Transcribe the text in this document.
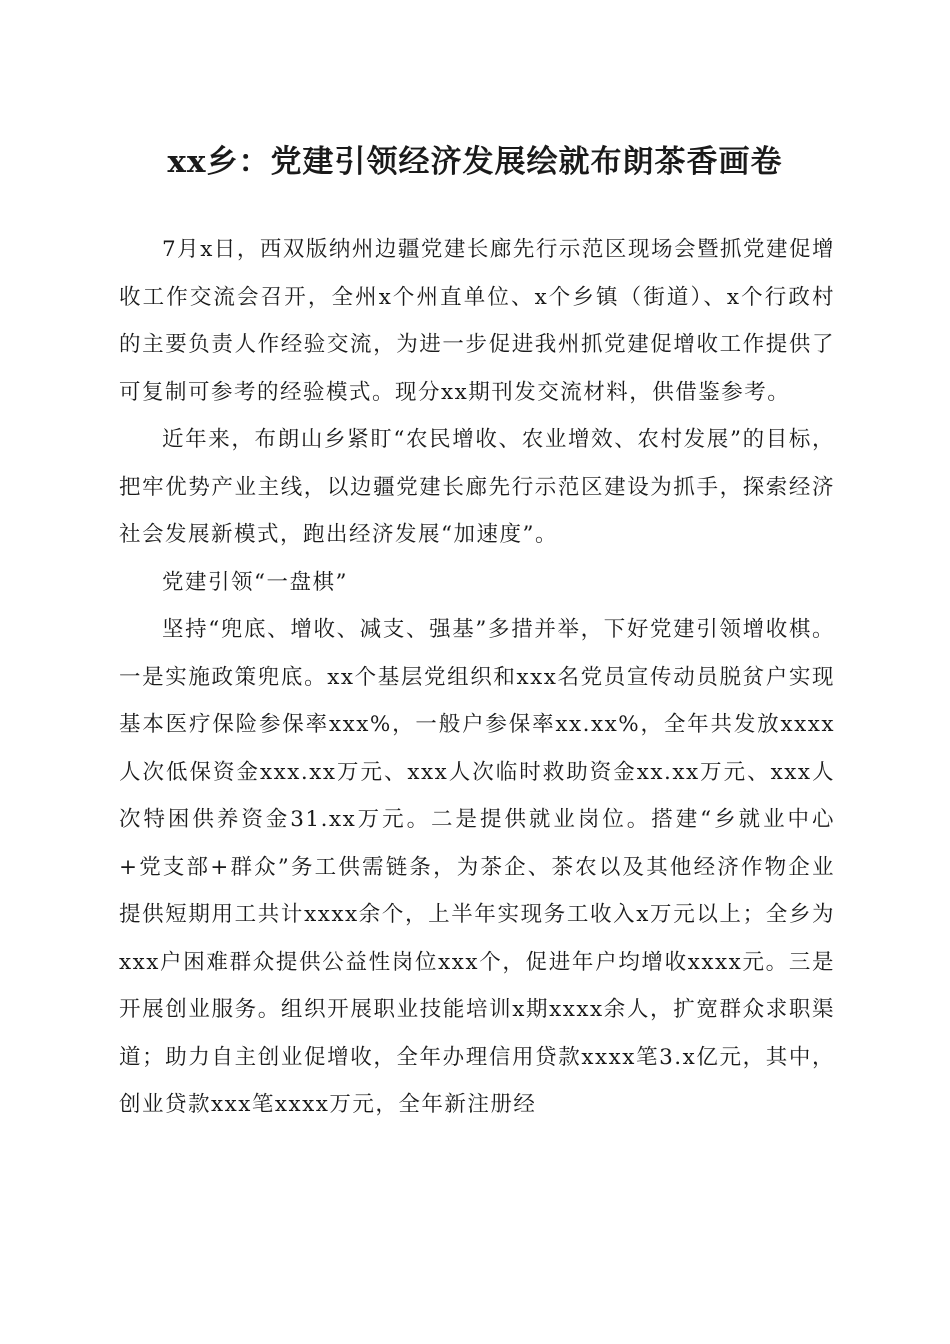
xx乡：党建引领经济发展绘就布朗茶香画卷

7月x日，西双版纳州边疆党建长廊先行示范区现场会暨抓党建促增收工作交流会召开，全州x个州直单位、x个乡镇（街道）、x个行政村的主要负责人作经验交流，为进一步促进我州抓党建促增收工作提供了可复制可参考的经验模式。现分xx期刊发交流材料，供借鉴参考。

近年来，布朗山乡紧盯“农民增收、农业增效、农村发展”的目标，把牢优势产业主线，以边疆党建长廊先行示范区建设为抓手，探索经济社会发展新模式，跑出经济发展“加速度”。

党建引领“一盘棋”

坚持“兜底、增收、减支、强基”多措并举，下好党建引领增收棋。一是实施政策兜底。xx个基层党组织和xxx名党员宣传动员脱贫户实现基本医疗保险参保率xxx%，一般户参保率xx.xx%，全年共发放xxxx人次低保资金xxx.xx万元、xxx人次临时救助资金xx.xx万元、xxx人次特困供养资金31.xx万元。二是提供就业岗位。搭建“乡就业中心+党支部+群众”务工供需链条，为茶企、茶农以及其他经济作物企业提供短期用工共计xxxx余个，上半年实现务工收入x万元以上；全乡为xxx户困难群众提供公益性岗位xxx个，促进年户均增收xxxx元。三是开展创业服务。组织开展职业技能培训x期xxxx余人，扩宽群众求职渠道；助力自主创业促增收，全年办理信用贷款xxxx笔3.x亿元，其中，创业贷款xxx笔xxxx万元，全年新注册经
